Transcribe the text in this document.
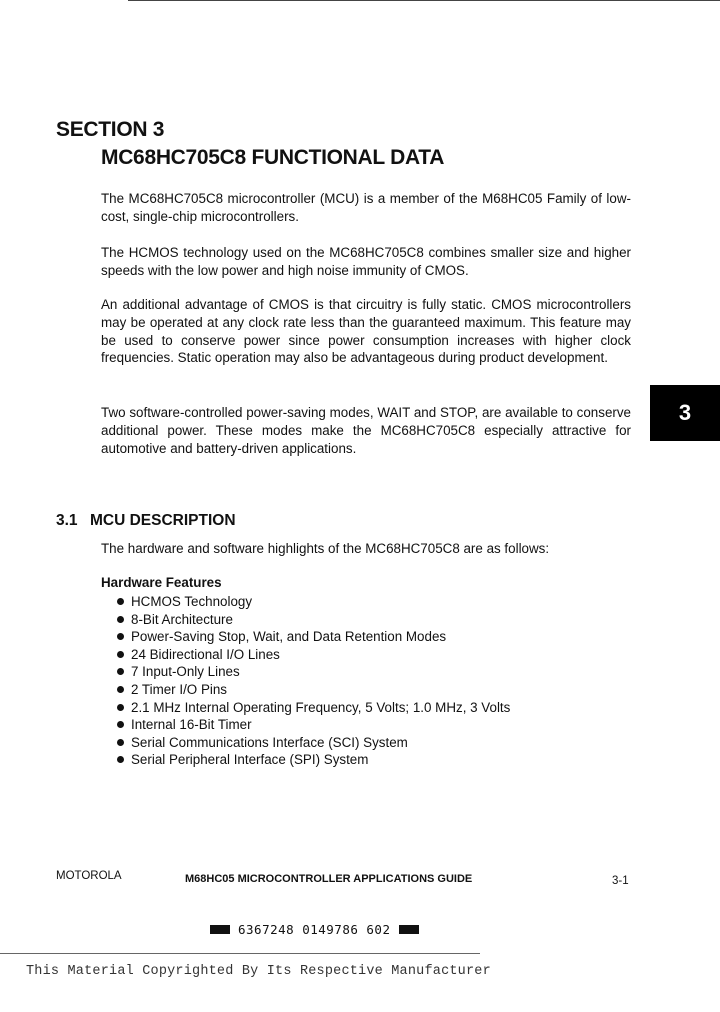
SECTION 3
MC68HC705C8 FUNCTIONAL DATA

The MC68HC705C8 microcontroller (MCU) is a member of the M68HC05 Family of low-cost, single-chip microcontrollers.

The HCMOS technology used on the MC68HC705C8 combines smaller size and higher speeds with the low power and high noise immunity of CMOS.

An additional advantage of CMOS is that circuitry is fully static. CMOS microcontrollers may be operated at any clock rate less than the guaranteed maximum. This feature may be used to conserve power since power consumption increases with higher clock frequencies. Static operation may also be advantageous during product development.

Two software-controlled power-saving modes, WAIT and STOP, are available to conserve additional power. These modes make the MC68HC705C8 especially attractive for automotive and battery-driven applications.

3
3.1 MCU DESCRIPTION

The hardware and software highlights of the MC68HC705C8 are as follows:

Hardware Features
HCMOS Technology
8-Bit Architecture
Power-Saving Stop, Wait, and Data Retention Modes
24 Bidirectional I/O Lines
7 Input-Only Lines
2 Timer I/O Pins
2.1 MHz Internal Operating Frequency, 5 Volts; 1.0 MHz, 3 Volts
Internal 16-Bit Timer
Serial Communications Interface (SCI) System
Serial Peripheral Interface (SPI) System
MOTOROLA	M68HC05 MICROCONTROLLER APPLICATIONS GUIDE	3-1
6367248 0149786 602
This Material Copyrighted By Its Respective Manufacturer
